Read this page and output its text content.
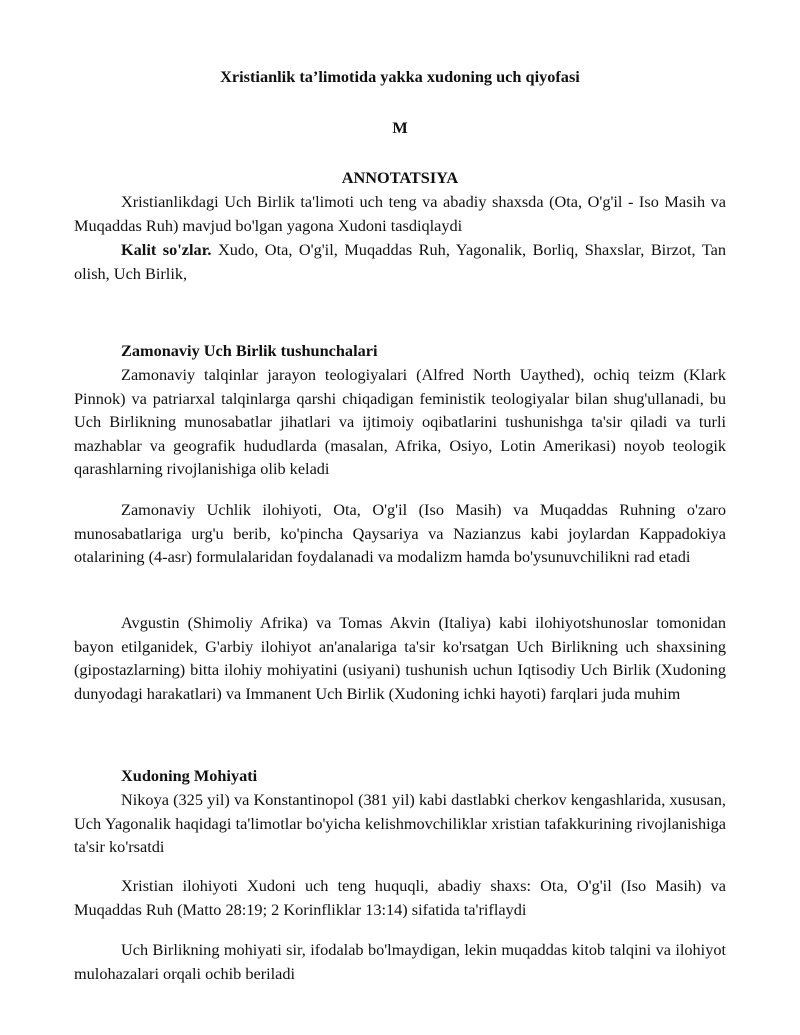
Xristianlik ta’limotida yakka xudoning uch qiyofasi
M
ANNOTATSIYA

Xristianlikdagi Uch Birlik ta'limoti uch teng va abadiy shaxsda (Ota, O'g'il - Iso Masih va Muqaddas Ruh) mavjud bo'lgan yagona Xudoni tasdiqlaydi

Kalit so'zlar. Xudo, Ota, O'g'il, Muqaddas Ruh, Yagonalik, Borliq, Shaxslar, Birzot, Tan olish, Uch Birlik,

Zamonaviy Uch Birlik tushunchalari

Zamonaviy talqinlar jarayon teologiyalari (Alfred North Uaythed), ochiq teizm (Klark Pinnok) va patriarxal talqinlarga qarshi chiqadigan feministik teologiyalar bilan shug'ullanadi, bu Uch Birlikning munosabatlar jihatlari va ijtimoiy oqibatlarini tushunishga ta'sir qiladi va turli mazhablar va geografik hududlarda (masalan, Afrika, Osiyo, Lotin Amerikasi) noyob teologik qarashlarning rivojlanishiga olib keladi

Zamonaviy Uchlik ilohiyoti, Ota, O'g'il (Iso Masih) va Muqaddas Ruhning o'zaro munosabatlariga urg'u berib, ko'pincha Qaysariya va Nazianzus kabi joylardan Kappadokiya otalarining (4-asr) formulalaridan foydalanadi va modalizm hamda bo'ysunuvchilikni rad etadi

Avgustin (Shimoliy Afrika) va Tomas Akvin (Italiya) kabi ilohiyotshunoslar tomonidan bayon etilganidek, G'arbiy ilohiyot an'analariga ta'sir ko'rsatgan Uch Birlikning uch shaxsining (gipostazlarning) bitta ilohiy mohiyatini (usiyani) tushunish uchun Iqtisodiy Uch Birlik (Xudoning dunyodagi harakatlari) va Immanent Uch Birlik (Xudoning ichki hayoti) farqlari juda muhim

Xudoning Mohiyati

Nikoya (325 yil) va Konstantinopol (381 yil) kabi dastlabki cherkov kengashlarida, xususan, Uch Yagonalik haqidagi ta'limotlar bo'yicha kelishmovchiliklar xristian tafakkurining rivojlanishiga ta'sir ko'rsatdi

Xristian ilohiyoti Xudoni uch teng huquqli, abadiy shaxs: Ota, O'g'il (Iso Masih) va Muqaddas Ruh (Matto 28:19; 2 Korinfliklar 13:14) sifatida ta'riflaydi

Uch Birlikning mohiyati sir, ifodalab bo'lmaydigan, lekin muqaddas kitob talqini va ilohiyot mulohazalari orqali ochib beriladi
